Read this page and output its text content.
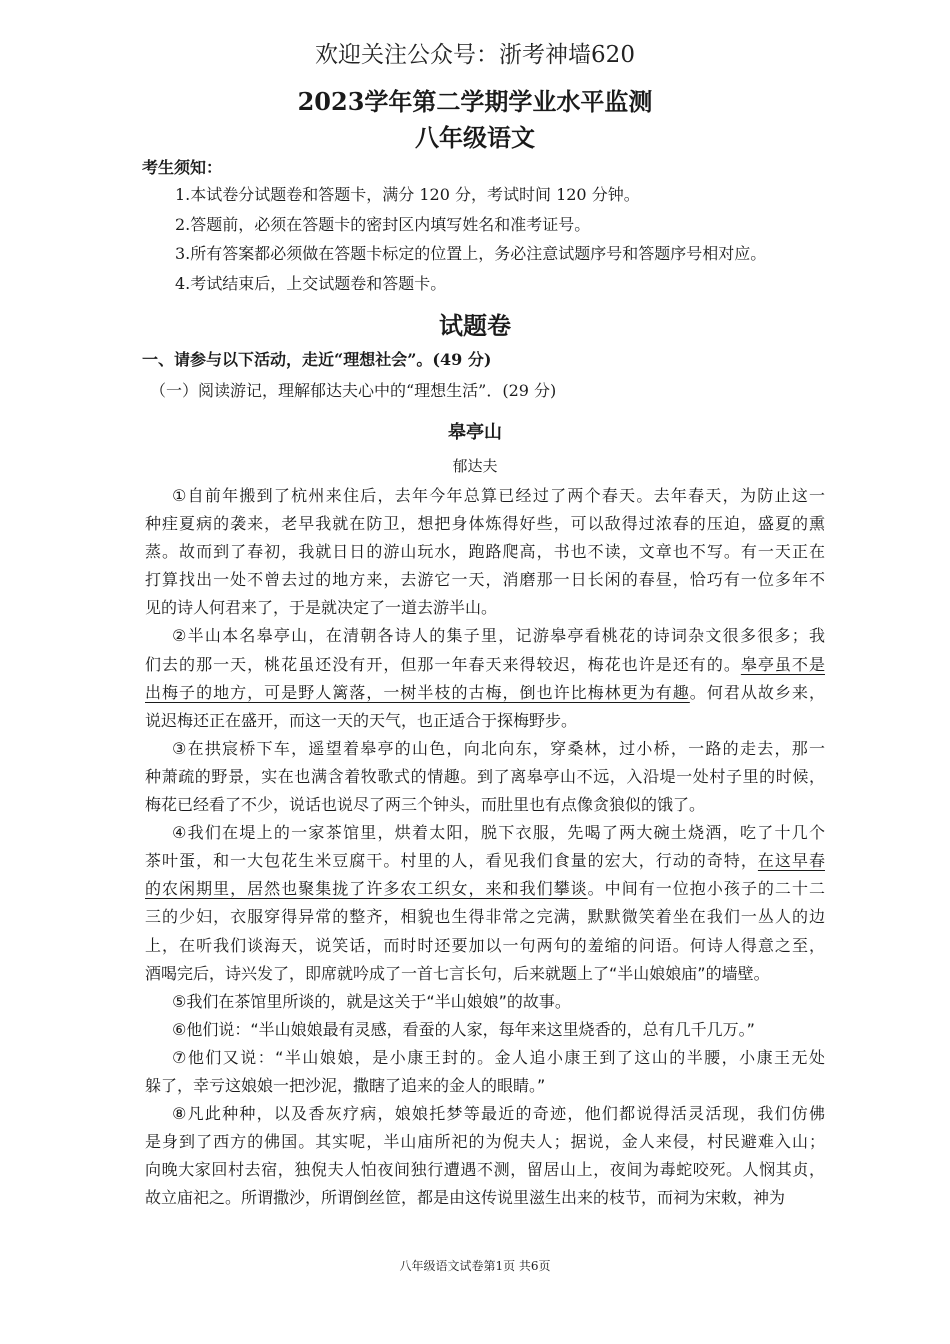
欢迎关注公众号：浙考神墙620
2023学年第二学期学业水平监测
八年级语文
考生须知：
1.本试卷分试题卷和答题卡，满分 120 分，考试时间 120 分钟。
2.答题前，必须在答题卡的密封区内填写姓名和准考证号。
3.所有答案都必须做在答题卡标定的位置上，务必注意试题序号和答题序号相对应。
4.考试结束后，上交试题卷和答题卡。
试题卷
一、请参与以下活动，走近“理想社会”。(49 分)
（一）阅读游记，理解郁达夫心中的“理想生活”．(29 分)
皋亭山
郁达夫
①自前年搬到了杭州来住后，去年今年总算已经过了两个春天。去年春天，为防止这一
种疰夏病的袭来，老早我就在防卫，想把身体炼得好些，可以敌得过浓春的压迫，盛夏的熏
蒸。故而到了春初，我就日日的游山玩水，跑路爬高，书也不读，文章也不写。有一天正在
打算找出一处不曾去过的地方来，去游它一天，消磨那一日长闲的春昼，恰巧有一位多年不
见的诗人何君来了，于是就决定了一道去游半山。
②半山本名皋亭山，在清朝各诗人的集子里，记游皋亭看桃花的诗词杂文很多很多；我
们去的那一天，桃花虽还没有开，但那一年春天来得较迟，梅花也许是还有的。皋亭虽不是
出梅子的地方，可是野人篱落，一树半枝的古梅，倒也许比梅林更为有趣。何君从故乡来，
说迟梅还正在盛开，而这一天的天气，也正适合于探梅野步。
③在拱宸桥下车，遥望着皋亭的山色，向北向东，穿桑林，过小桥，一路的走去，那一
种萧疏的野景，实在也满含着牧歌式的情趣。到了离皋亭山不远，入沿堤一处村子里的时候，
梅花已经看了不少，说话也说尽了两三个钟头，而肚里也有点像贪狼似的饿了。
④我们在堤上的一家茶馆里，烘着太阳，脱下衣服，先喝了两大碗土烧酒，吃了十几个
茶叶蛋，和一大包花生米豆腐干。村里的人，看见我们食量的宏大，行动的奇特，在这早春
的农闲期里，居然也聚集拢了许多农工织女，来和我们攀谈。中间有一位抱小孩子的二十二
三的少妇，衣服穿得异常的整齐，相貌也生得非常之完满，默默微笑着坐在我们一丛人的边
上，在听我们谈海天，说笑话，而时时还要加以一句两句的羞缩的问语。何诗人得意之至，
酒喝完后，诗兴发了，即席就吟成了一首七言长句，后来就题上了“半山娘娘庙”的墙壁。
⑤我们在茶馆里所谈的，就是这关于“半山娘娘”的故事。
⑥他们说：“半山娘娘最有灵感，看蚕的人家，每年来这里烧香的，总有几千几万。”
⑦他们又说：“半山娘娘，是小康王封的。金人追小康王到了这山的半腰，小康王无处
躲了，幸亏这娘娘一把沙泥，撒瞎了追来的金人的眼睛。”
⑧凡此种种，以及香灰疗病，娘娘托梦等最近的奇迹，他们都说得活灵活现，我们仿佛
是身到了西方的佛国。其实呢，半山庙所祀的为倪夫人；据说，金人来侵，村民避难入山；
向晚大家回村去宿，独倪夫人怕夜间独行遭遇不测，留居山上，夜间为毒蛇咬死。人悯其贞，
故立庙祀之。所谓撒沙，所谓倒丝笸，都是由这传说里滋生出来的枝节，而祠为宋敕，神为
八年级语文试卷第1页 共6页
